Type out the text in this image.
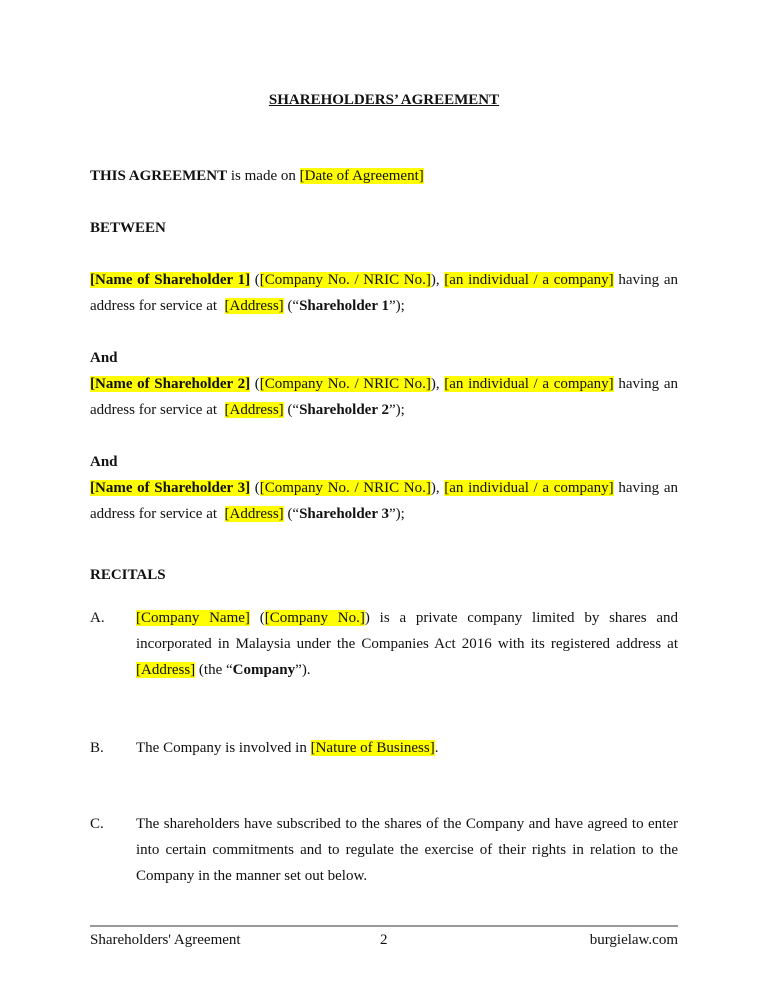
SHAREHOLDERS’ AGREEMENT
THIS AGREEMENT is made on [Date of Agreement]
BETWEEN
[Name of Shareholder 1] ([Company No. / NRIC No.]), [an individual / a company] having an
address for service at  [Address] (“Shareholder 1”);
And
[Name of Shareholder 2] ([Company No. / NRIC No.]), [an individual / a company] having an
address for service at  [Address] (“Shareholder 2”);
And
[Name of Shareholder 3] ([Company No. / NRIC No.]), [an individual / a company] having an
address for service at  [Address] (“Shareholder 3”);
RECITALS
A. [Company Name] ([Company No.]) is a private company limited by shares and
incorporated in Malaysia under the Companies Act 2016 with its registered address at
[Address] (the “Company”).
B. The Company is involved in [Nature of Business].
C. The shareholders have subscribed to the shares of the Company and have agreed to enter
into certain commitments and to regulate the exercise of their rights in relation to the
Company in the manner set out below.
Shareholders' Agreement	2	burgielaw.com
